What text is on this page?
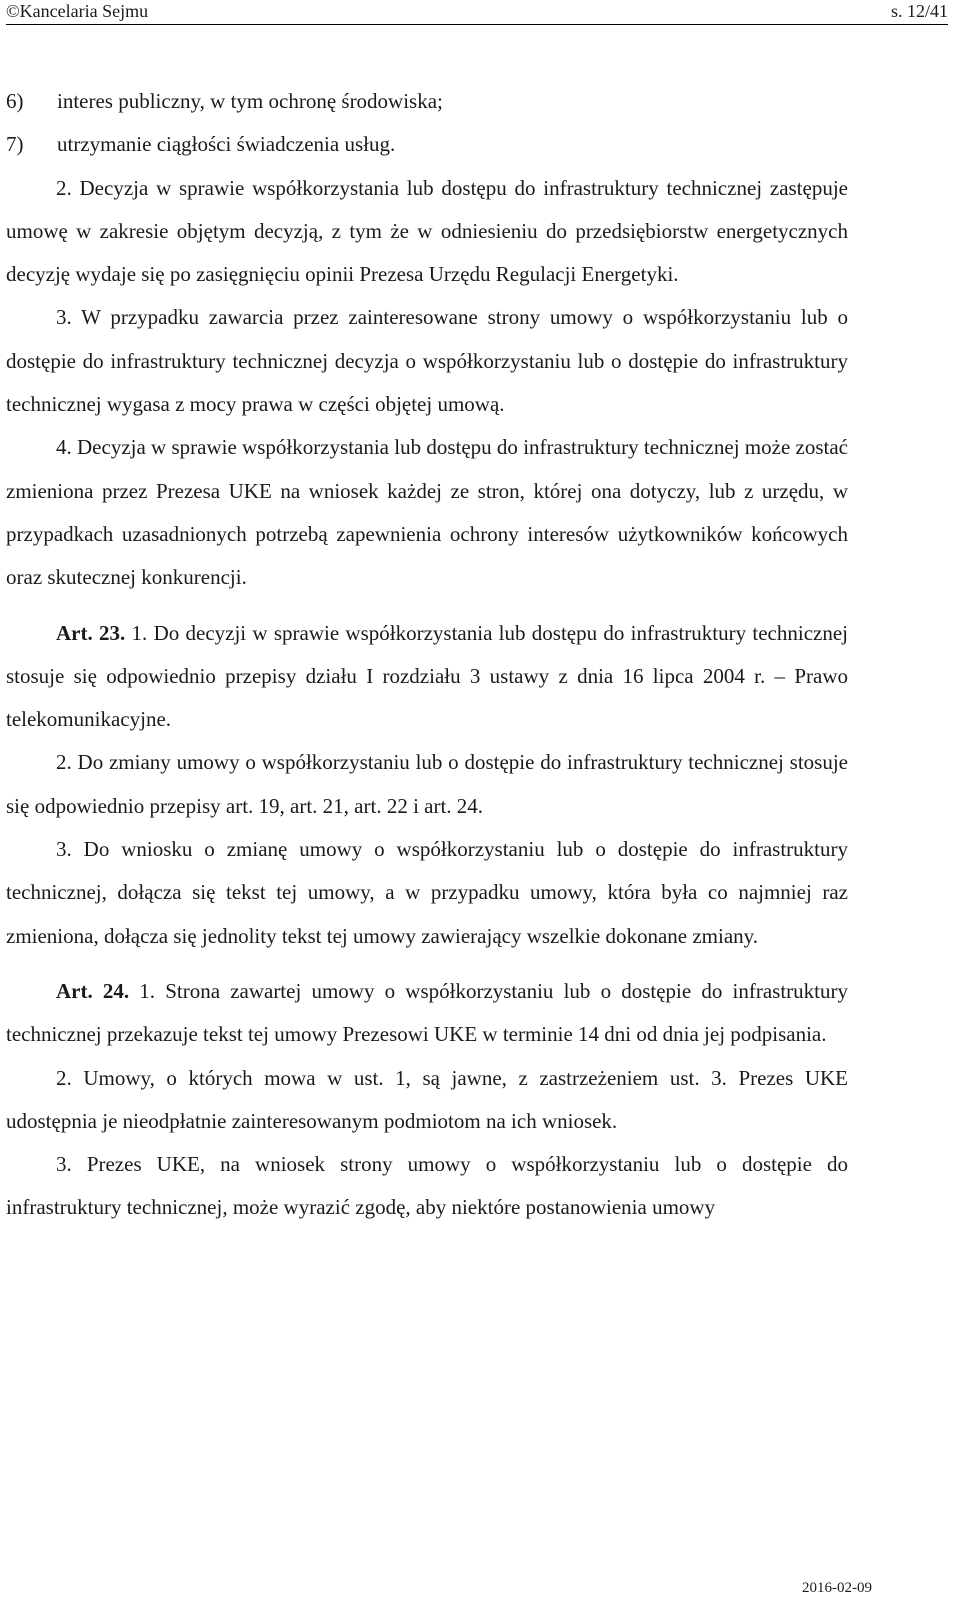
©Kancelaria Sejmu	s. 12/41

6) interes publiczny, w tym ochronę środowiska;

7) utrzymanie ciągłości świadczenia usług.

2. Decyzja w sprawie współkorzystania lub dostępu do infrastruktury technicznej zastępuje umowę w zakresie objętym decyzją, z tym że w odniesieniu do przedsiębiorstw energetycznych decyzję wydaje się po zasięgnięciu opinii Prezesa Urzędu Regulacji Energetyki.

3. W przypadku zawarcia przez zainteresowane strony umowy o współkorzystaniu lub o dostępie do infrastruktury technicznej decyzja o współkorzystaniu lub o dostępie do infrastruktury technicznej wygasa z mocy prawa w części objętej umową.

4. Decyzja w sprawie współkorzystania lub dostępu do infrastruktury technicznej może zostać zmieniona przez Prezesa UKE na wniosek każdej ze stron, której ona dotyczy, lub z urzędu, w przypadkach uzasadnionych potrzebą zapewnienia ochrony interesów użytkowników końcowych oraz skutecznej konkurencji.

Art. 23. 1. Do decyzji w sprawie współkorzystania lub dostępu do infrastruktury technicznej stosuje się odpowiednio przepisy działu I rozdziału 3 ustawy z dnia 16 lipca 2004 r. – Prawo telekomunikacyjne.

2. Do zmiany umowy o współkorzystaniu lub o dostępie do infrastruktury technicznej stosuje się odpowiednio przepisy art. 19, art. 21, art. 22 i art. 24.

3. Do wniosku o zmianę umowy o współkorzystaniu lub o dostępie do infrastruktury technicznej, dołącza się tekst tej umowy, a w przypadku umowy, która była co najmniej raz zmieniona, dołącza się jednolity tekst tej umowy zawierający wszelkie dokonane zmiany.

Art. 24. 1. Strona zawartej umowy o współkorzystaniu lub o dostępie do infrastruktury technicznej przekazuje tekst tej umowy Prezesowi UKE w terminie 14 dni od dnia jej podpisania.

2. Umowy, o których mowa w ust. 1, są jawne, z zastrzeżeniem ust. 3. Prezes UKE udostępnia je nieodpłatnie zainteresowanym podmiotom na ich wniosek.

3. Prezes UKE, na wniosek strony umowy o współkorzystaniu lub o dostępie do infrastruktury technicznej, może wyrazić zgodę, aby niektóre postanowienia umowy

2016-02-09
